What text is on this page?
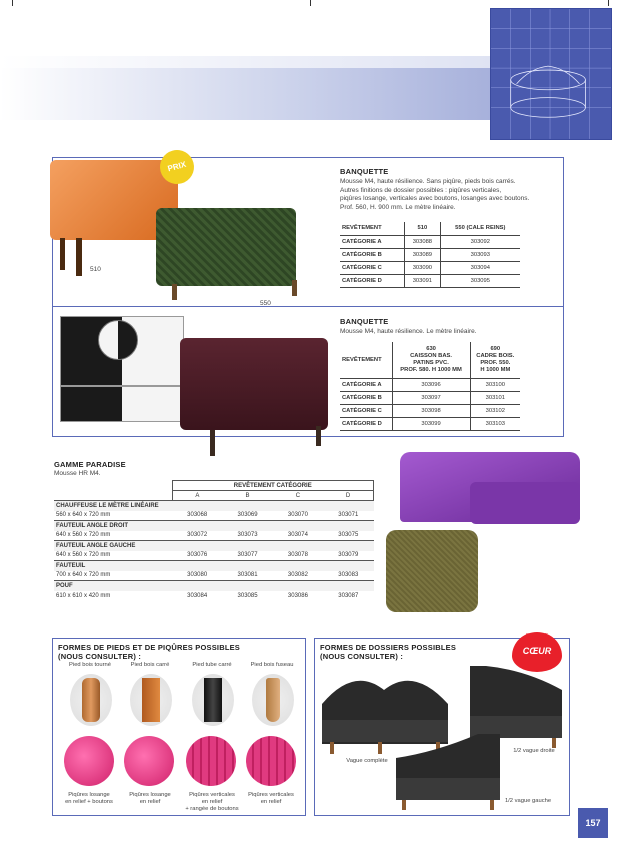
510
PRIX
550
BANQUETTE
Mousse M4, haute résilience. Sans piqûre, pieds bois carrés.
Autres finitions de dossier possibles : piqûres verticales,
piqûres losange, verticales avec boutons, losanges avec boutons.
Prof. 560, H. 900 mm. Le mètre linéaire.
REVÊTEMENT	510	550 (CALE REINS)
CATÉGORIE A	303088	303092
CATÉGORIE B	303089	303093
CATÉGORIE C	303090	303094
CATÉGORIE D	303091	303095
BANQUETTE
Mousse M4, haute résilience. Le mètre linéaire.
REVÊTEMENT	630
CAISSON BAS.
PATINS PVC.
PROF. 580. H 1000 MM	690
CADRE BOIS.
PROF. 550.
H 1000 MM
CATÉGORIE A	303096	303100
CATÉGORIE B	303097	303101
CATÉGORIE C	303098	303102
CATÉGORIE D	303099	303103
GAMME PARADISE
Mousse HR M4.
	REVÊTEMENT CATÉGORIE			
	A	B	C	D
CHAUFFEUSE LE MÈTRE LINÉAIRE				
560 x 640 x 720 mm	303068	303069	303070	303071
FAUTEUIL ANGLE DROIT				
640 x 560 x 720 mm	303072	303073	303074	303075
FAUTEUIL ANGLE GAUCHE				
640 x 560 x 720 mm	303076	303077	303078	303079
FAUTEUIL				
700 x 640 x 720 mm	303080	303081	303082	303083
POUF				
610 x 610 x 420 mm	303084	303085	303086	303087
FORMES DE PIEDS ET DE PIQÛRES POSSIBLES
(NOUS CONSULTER) :
Pied bois tourné	Pied bois carré	Pied tube carré	Pied bois fuseau
Piqûres losange
en relief + boutons
Piqûres losange
en relief
Piqûres verticales
en relief
+ rangée de boutons
Piqûres verticales
en relief
FORMES DE DOSSIERS POSSIBLES
(NOUS CONSULTER) :
COUP DE
CŒUR
Vague complète
1/2 vague droite
1/2 vague gauche
157
